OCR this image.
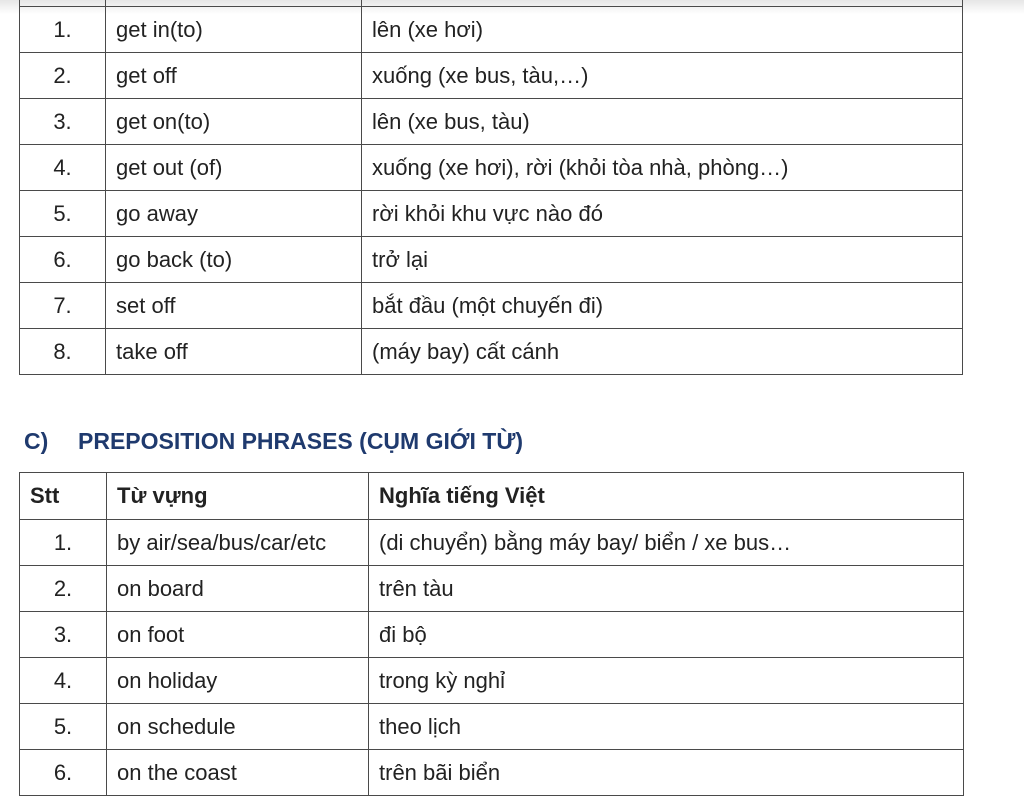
1.	get in(to)	lên (xe hơi)
2.	get off	xuống (xe bus, tàu,…)
3.	get on(to)	lên (xe bus, tàu)
4.	get out (of)	xuống (xe hơi), rời (khỏi tòa nhà, phòng…)
5.	go away	rời khỏi khu vực nào đó
6.	go back (to)	trở lại
7.	set off	bắt đầu (một chuyến đi)
8.	take off	(máy bay) cất cánh
C) PREPOSITION PHRASES (CỤM GIỚI TỪ)
Stt	Từ vựng	Nghĩa tiếng Việt
1.	by air/sea/bus/car/etc	(di chuyển) bằng máy bay/ biển / xe bus…
2.	on board	trên tàu
3.	on foot	đi bộ
4.	on holiday	trong kỳ nghỉ
5.	on schedule	theo lịch
6.	on the coast	trên bãi biển
